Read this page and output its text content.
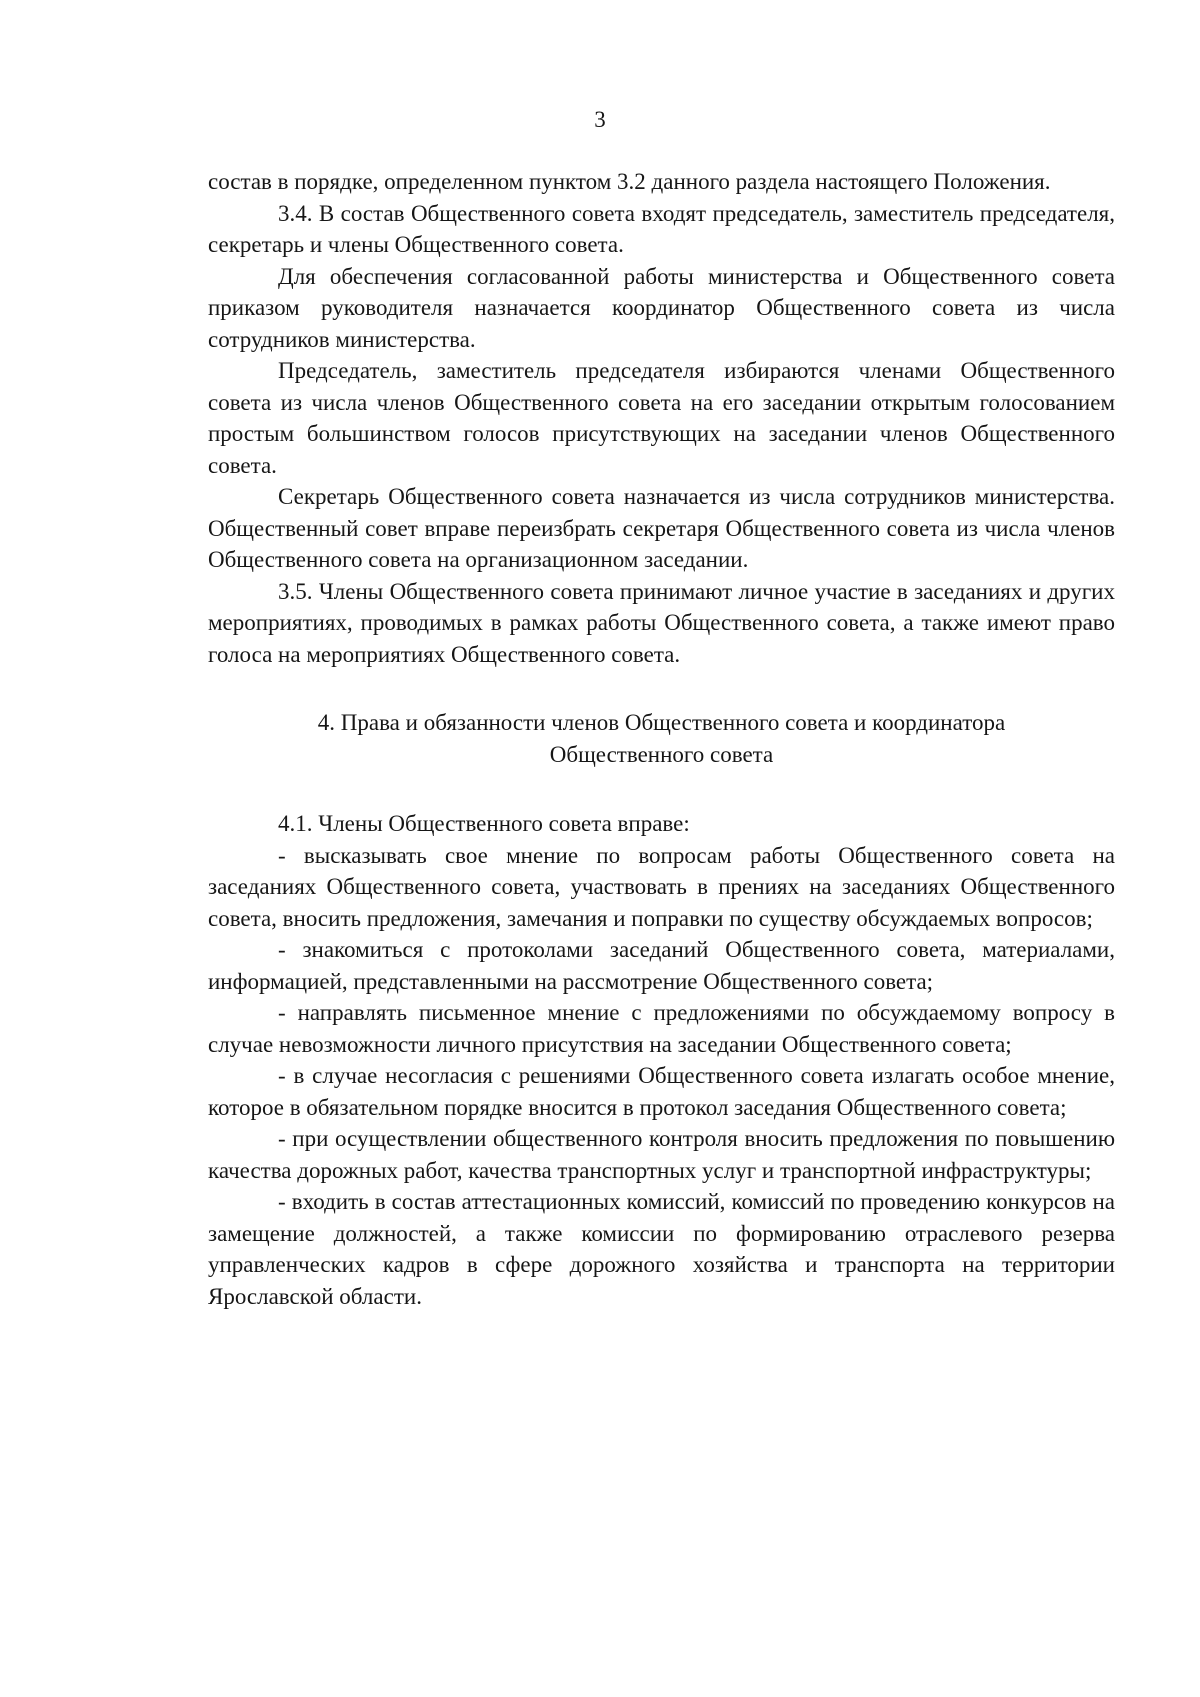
3

состав в порядке, определенном пунктом 3.2 данного раздела настоящего Положения.

3.4. В состав Общественного совета входят председатель, заместитель председателя, секретарь и члены Общественного совета.

Для обеспечения согласованной работы министерства и Общественного совета приказом руководителя назначается координатор Общественного совета из числа сотрудников министерства.

Председатель, заместитель председателя избираются членами Общественного совета из числа членов Общественного совета на его заседании открытым голосованием простым большинством голосов присутствующих на заседании членов Общественного совета.

Секретарь Общественного совета назначается из числа сотрудников министерства. Общественный совет вправе переизбрать секретаря Общественного совета из числа членов Общественного совета на организационном заседании.

3.5. Члены Общественного совета принимают личное участие в заседаниях и других мероприятиях, проводимых в рамках работы Общественного совета, а также имеют право голоса на мероприятиях Общественного совета.

4. Права и обязанности членов Общественного совета и координатора
Общественного совета

4.1. Члены Общественного совета вправе:

- высказывать свое мнение по вопросам работы Общественного совета на заседаниях Общественного совета, участвовать в прениях на заседаниях Общественного совета, вносить предложения, замечания и поправки по существу обсуждаемых вопросов;

- знакомиться с протоколами заседаний Общественного совета, материалами, информацией, представленными на рассмотрение Общественного совета;

- направлять письменное мнение с предложениями по обсуждаемому вопросу в случае невозможности личного присутствия на заседании Общественного совета;

- в случае несогласия с решениями Общественного совета излагать особое мнение, которое в обязательном порядке вносится в протокол заседания Общественного совета;

- при осуществлении общественного контроля вносить предложения по повышению качества дорожных работ, качества транспортных услуг и транспортной инфраструктуры;

- входить в состав аттестационных комиссий, комиссий по проведению конкурсов на замещение должностей, а также комиссии по формированию отраслевого резерва управленческих кадров в сфере дорожного хозяйства и транспорта на территории Ярославской области.
